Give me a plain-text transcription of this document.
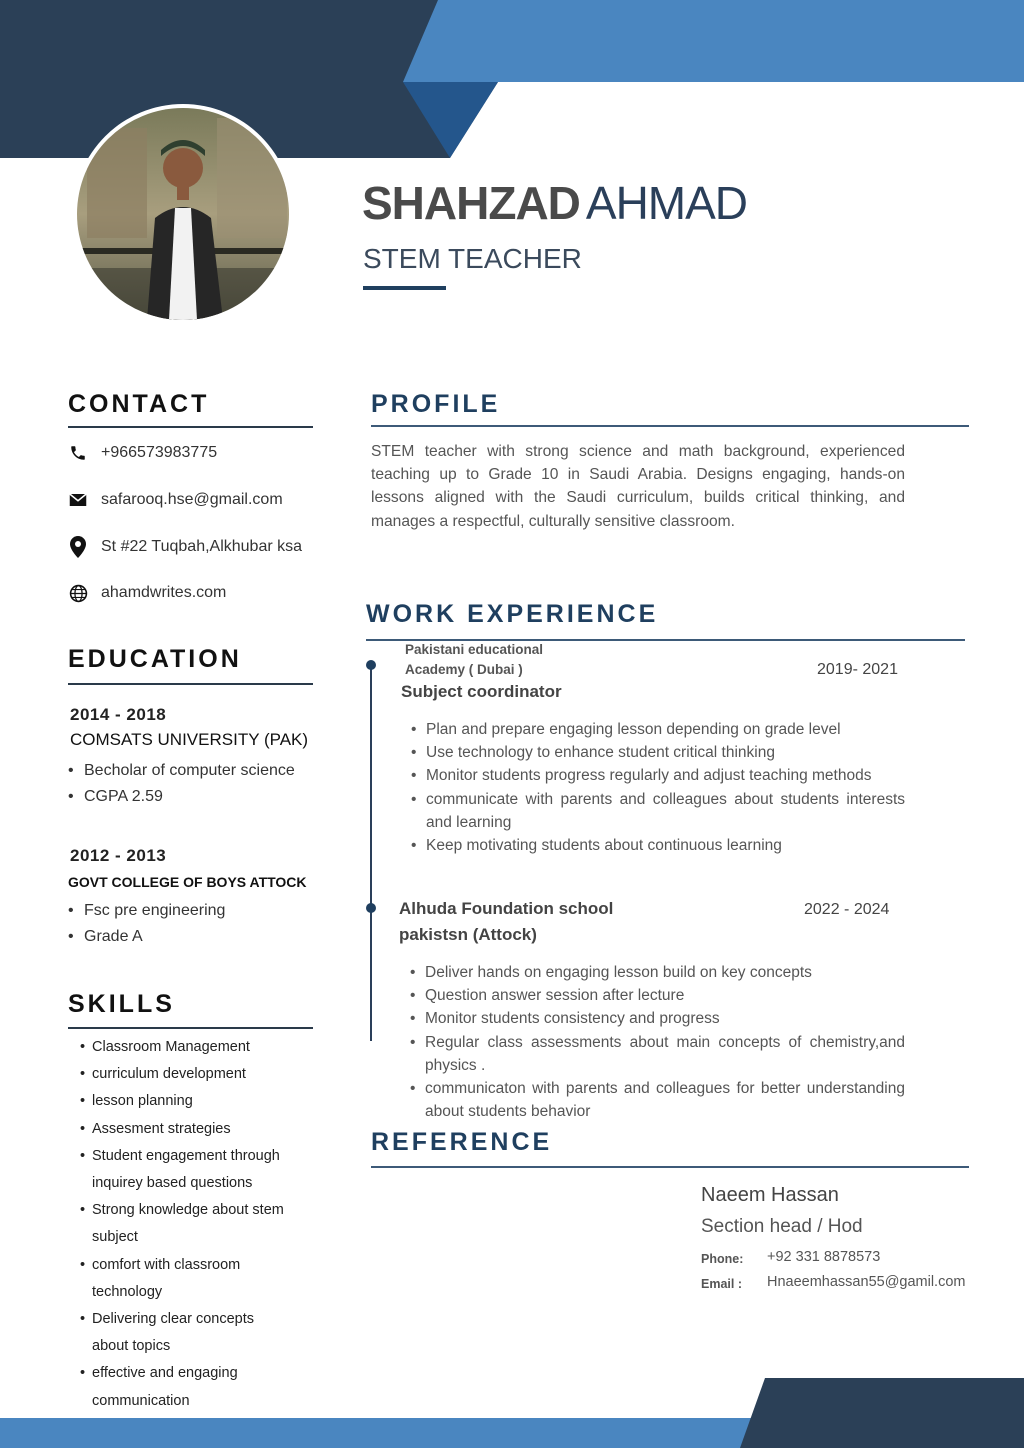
SHAHZAD AHMAD
STEM TEACHER
CONTACT
+966573983775
safarooq.hse@gmail.com
St #22 Tuqbah,Alkhubar ksa
ahamdwrites.com
EDUCATION
2014 - 2018
COMSATS UNIVERSITY (PAK)
• Becholar of computer science
• CGPA 2.59
2012 - 2013
GOVT COLLEGE OF BOYS ATTOCK
• Fsc pre engineering
• Grade A
SKILLS
• Classroom Management
• curriculum development
• lesson planning
• Assesment strategies
• Student engagement through inquirey based questions
• Strong knowledge about stem subject
• comfort with classroom technology
• Delivering clear concepts about topics
• effective and engaging communication
PROFILE
STEM teacher with strong science and math background, experienced teaching up to Grade 10 in Saudi Arabia. Designs engaging, hands-on lessons aligned with the Saudi curriculum, builds critical thinking, and manages a respectful, culturally sensitive classroom.
WORK EXPERIENCE
Pakistani educational
Academy ( Dubai )	2019- 2021
Subject coordinator
• Plan and prepare engaging lesson depending on grade level
• Use technology to enhance student critical thinking
• Monitor students progress regularly and adjust teaching methods
• communicate with parents and colleagues about students interests and learning
• Keep motivating students about continuous learning
Alhuda Foundation school
pakistsn (Attock)
2022 - 2024
• Deliver hands on engaging lesson build on key concepts
• Question answer session after lecture
• Monitor students consistency and progress
• Regular class assessments about main concepts of chemistry,and physics .
• communicaton with parents and colleagues for better understanding about students behavior
REFERENCE
Naeem Hassan
Section head / Hod
Phone: +92 331 8878573
Email : Hnaeemhassan55@gamil.com
